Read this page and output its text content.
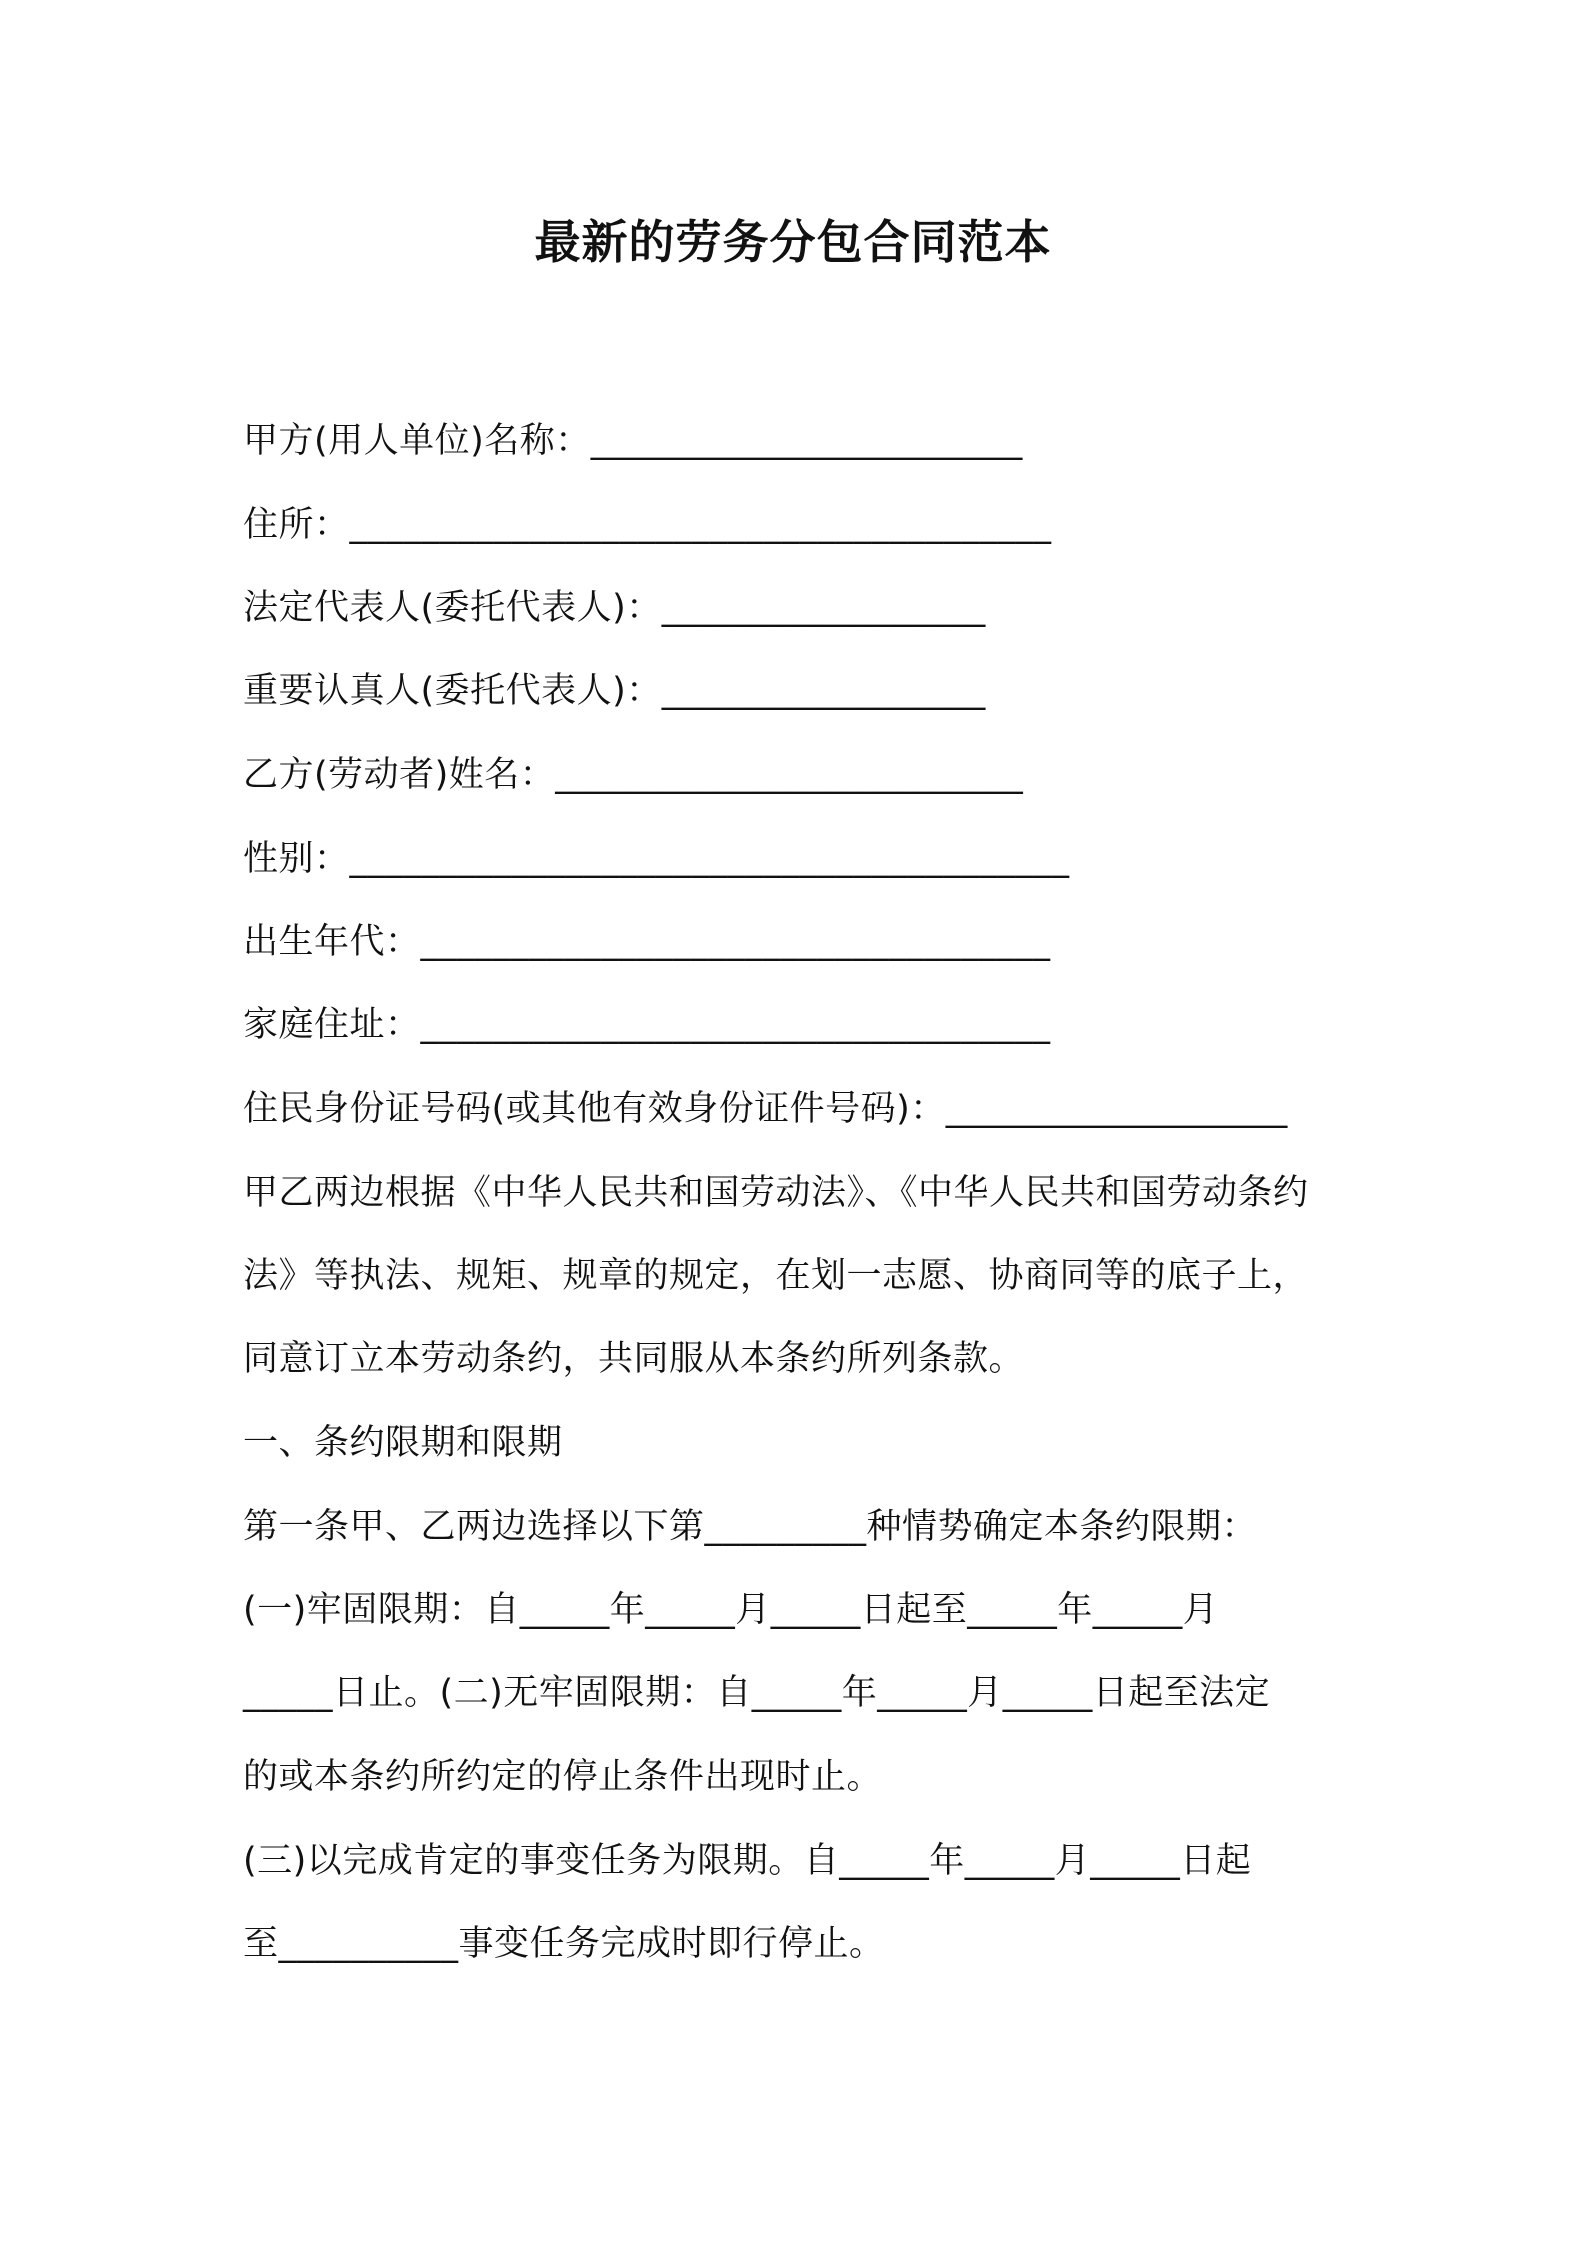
最新的劳务分包合同范本
甲方(用人单位)名称：________________________
住所：_______________________________________
法定代表人(委托代表人)：__________________
重要认真人(委托代表人)：__________________
乙方(劳动者)姓名：__________________________
性别：________________________________________
出生年代：___________________________________
家庭住址：___________________________________
住民身份证号码(或其他有效身份证件号码)：___________________
甲乙两边根据《中华人民共和国劳动法》、《中华人民共和国劳动条约
法》等执法、规矩、规章的规定，在划一志愿、协商同等的底子上，
同意订立本劳动条约，共同服从本条约所列条款。
一、条约限期和限期
第一条甲、乙两边选择以下第_________种情势确定本条约限期：
(一)牢固限期：自_____年_____月_____日起至_____年_____月
_____日止。(二)无牢固限期：自_____年_____月_____日起至法定
的或本条约所约定的停止条件出现时止。
(三)以完成肯定的事变任务为限期。自_____年_____月_____日起
至__________事变任务完成时即行停止。
